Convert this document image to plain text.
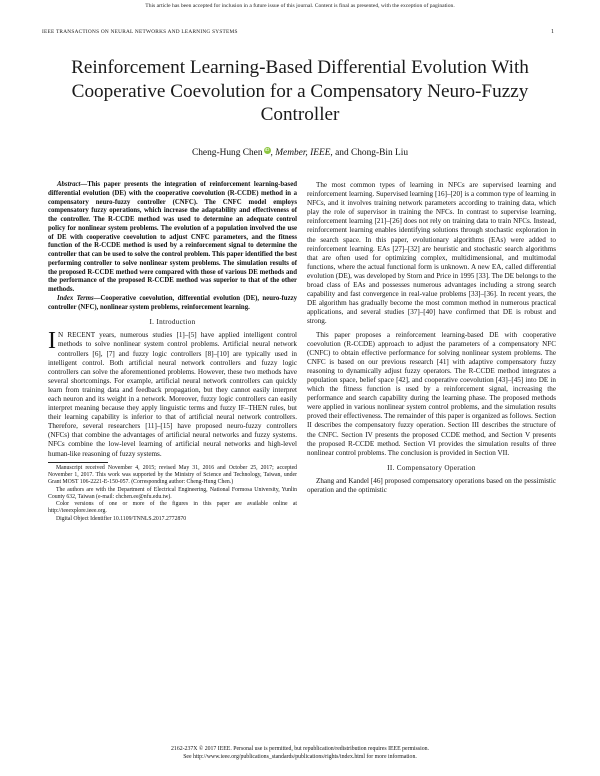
This article has been accepted for inclusion in a future issue of this journal. Content is final as presented, with the exception of pagination.
IEEE TRANSACTIONS ON NEURAL NETWORKS AND LEARNING SYSTEMS	1
Reinforcement Learning-Based Differential Evolution With Cooperative Coevolution for a Compensatory Neuro-Fuzzy Controller
Cheng-Hung Chen iD, Member, IEEE, and Chong-Bin Liu

Abstract—This paper presents the integration of reinforcement learning-based differential evolution (DE) with the cooperative coevolution (R-CCDE) method in a compensatory neuro-fuzzy controller (CNFC). The CNFC model employs compensatory fuzzy operations, which increase the adaptability and effectiveness of the controller. The R-CCDE method was used to determine an adequate control policy for nonlinear system problems. The evolution of a population involved the use of DE with cooperative coevolution to adjust CNFC parameters, and the fitness function of the R-CCDE method is used by a reinforcement signal to determine the controller that can be used to solve the control problem. This paper identified the best performing controller to solve nonlinear system problems. The simulation results of the proposed R-CCDE method were compared with those of various DE methods and the performance of the proposed R-CCDE method was superior to that of the other methods.

Index Terms—Cooperative coevolution, differential evolution (DE), neuro-fuzzy controller (NFC), nonlinear system problems, reinforcement learning.

I. Introduction

I N RECENT years, numerous studies [1]–[5] have applied intelligent control methods to solve nonlinear system control problems. Artificial neural network controllers [6], [7] and fuzzy logic controllers [8]–[10] are typically used in intelligent control. Both artificial neural network controllers and fuzzy logic controllers can solve the aforementioned problems. However, these two methods have several shortcomings. For example, artificial neural network controllers can quickly learn from training data and feedback propagation, but they cannot easily interpret each neuron and its weight in a network. Moreover, fuzzy logic controllers can easily interpret meaning because they apply linguistic terms and fuzzy IF–THEN rules, but their learning capability is inferior to that of artificial neural network controllers. Therefore, several researchers [11]–[15] have proposed neuro-fuzzy controllers (NFCs) that combine the advantages of artificial neural networks and fuzzy systems. NFCs combine the low-level learning of artificial neural networks and high-level human-like reasoning of fuzzy systems.

Manuscript received November 4, 2015; revised May 31, 2016 and October 25, 2017; accepted November 1, 2017. This work was supported by the Ministry of Science and Technology, Taiwan, under Grant MOST 106-2221-E-150-057. (Corresponding author: Cheng-Hung Chen.)

The authors are with the Department of Electrical Engineering, National Formosa University, Yunlin County 632, Taiwan (e-mail: chchen.ee@nfu.edu.tw).

Color versions of one or more of the figures in this paper are available online at http://ieeexplore.ieee.org.

Digital Object Identifier 10.1109/TNNLS.2017.2772870

The most common types of learning in NFCs are supervised learning and reinforcement learning. Supervised learning [16]–[20] is a common type of learning in NFCs, and it involves training network parameters according to training data, which play the role of supervisor in training the NFCs. In contrast to supervise learning, reinforcement learning [21]–[26] does not rely on training data to train NFCs. Instead, reinforcement learning enables identifying solutions through stochastic exploration in the search space. In this paper, evolutionary algorithms (EAs) were added to reinforcement learning. EAs [27]–[32] are heuristic and stochastic search algorithms that are often used for optimizing complex, multidimensional, and multimodal functions, where the actual functional form is unknown. A new EA, called differential evolution (DE), was developed by Storn and Price in 1995 [33]. The DE belongs to the broad class of EAs and possesses numerous advantages including a strong search capability and fast convergence in real-value problems [33]–[36]. In recent years, the DE algorithm has gradually become the most common method in numerous practical applications, and several studies [37]–[40] have confirmed that DE is robust and strong.

This paper proposes a reinforcement learning-based DE with cooperative coevolution (R-CCDE) approach to adjust the parameters of a compensatory NFC (CNFC) to obtain effective performance for solving nonlinear system problems. The CNFC is based on our previous research [41] with adaptive compensatory fuzzy reasoning to dynamically adjust fuzzy operators. The R-CCDE method integrates a population space, belief space [42], and cooperative coevolution [43]–[45] into DE in which the fitness function is used by a reinforcement signal, increasing the performance and search capability during the learning phase. The proposed methods were applied in various nonlinear system control problems, and the simulation results proved their effectiveness. The remainder of this paper is organized as follows. Section II describes the compensatory fuzzy operation. Section III describes the structure of the CNFC. Section IV presents the proposed CCDE method, and Section V presents the proposed R-CCDE method. Section VI provides the simulation results of three nonlinear control problems. The conclusion is provided in Section VII.

II. Compensatory Operation

Zhang and Kandel [46] proposed compensatory operations based on the pessimistic operation and the optimistic

2162-237X © 2017 IEEE. Personal use is permitted, but republication/redistribution requires IEEE permission.
See http://www.ieee.org/publications_standards/publications/rights/index.html for more information.
